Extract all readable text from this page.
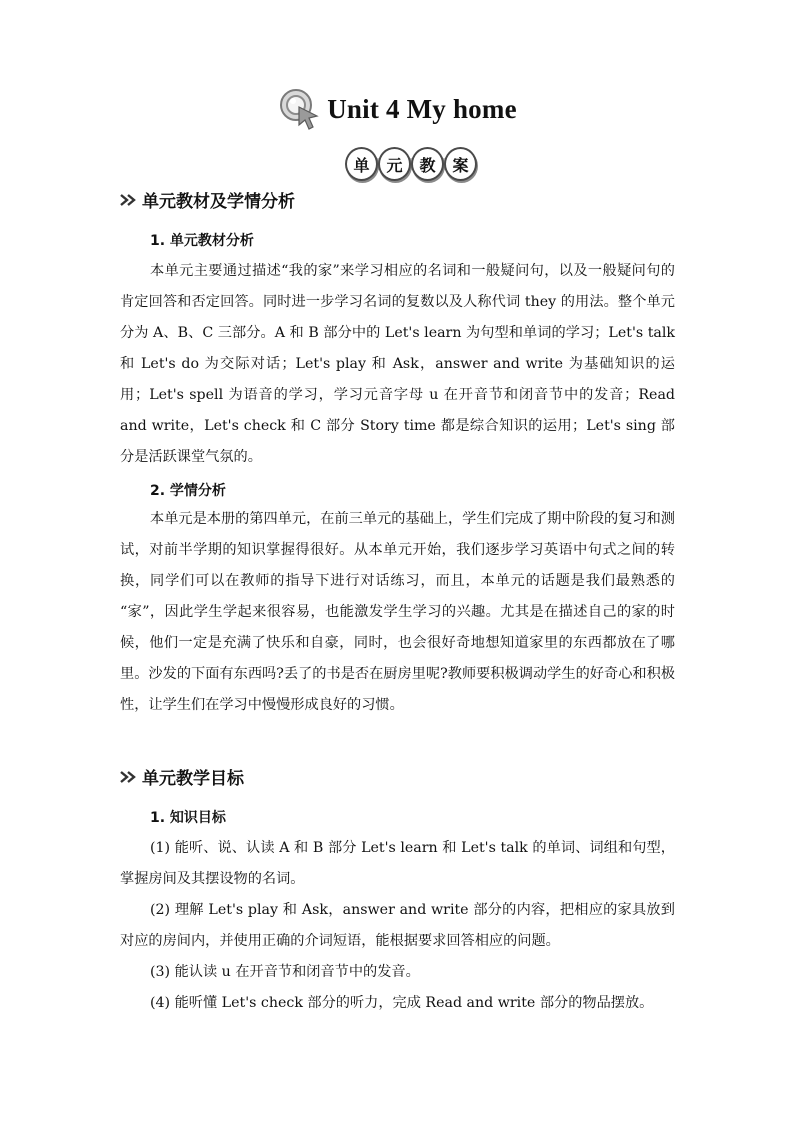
Unit 4 My home
单	元	教	案
单元教材及学情分析
1. 单元教材分析

本单元主要通过描述“我的家”来学习相应的名词和一般疑问句，以及一般疑问句的肯定回答和否定回答。同时进一步学习名词的复数以及人称代词 they 的用法。整个单元分为 A、B、C 三部分。A 和 B 部分中的 Let's learn 为句型和单词的学习；Let's talk 和 Let's do 为交际对话；Let's play 和 Ask，answer and write 为基础知识的运用；Let's spell 为语音的学习，学习元音字母 u 在开音节和闭音节中的发音；Read and write，Let's check 和 C 部分 Story time 都是综合知识的运用；Let's sing 部分是活跃课堂气氛的。

2. 学情分析

本单元是本册的第四单元，在前三单元的基础上，学生们完成了期中阶段的复习和测试，对前半学期的知识掌握得很好。从本单元开始，我们逐步学习英语中句式之间的转换，同学们可以在教师的指导下进行对话练习，而且，本单元的话题是我们最熟悉的 “家”，因此学生学起来很容易，也能激发学生学习的兴趣。尤其是在描述自己的家的时候，他们一定是充满了快乐和自豪，同时，也会很好奇地想知道家里的东西都放在了哪里。沙发的下面有东西吗?丢了的书是否在厨房里呢?教师要积极调动学生的好奇心和积极性，让学生们在学习中慢慢形成良好的习惯。

单元教学目标
1. 知识目标

(1) 能听、说、认读 A 和 B 部分 Let's learn 和 Let's talk 的单词、词组和句型，掌握房间及其摆设物的名词。

(2) 理解 Let's play 和 Ask，answer and write 部分的内容，把相应的家具放到对应的房间内，并使用正确的介词短语，能根据要求回答相应的问题。

(3) 能认读 u 在开音节和闭音节中的发音。

(4) 能听懂 Let's check 部分的听力，完成 Read and write 部分的物品摆放。
